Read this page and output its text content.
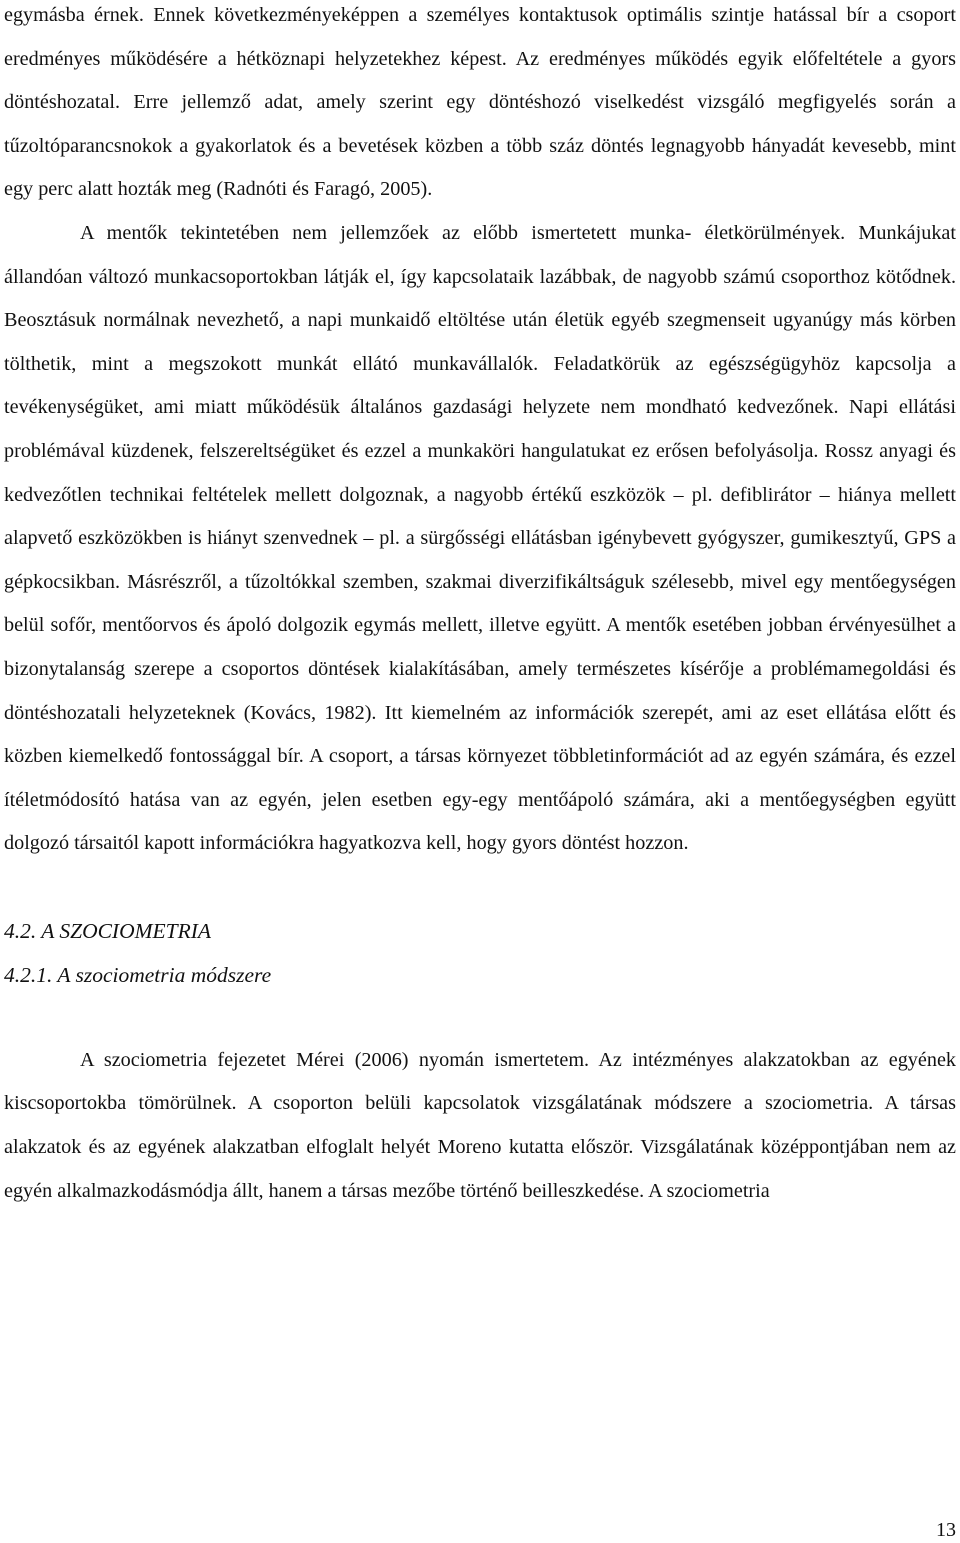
egymásba érnek. Ennek következményeképpen a személyes kontaktusok optimális szintje hatással bír a csoport eredményes működésére a hétköznapi helyzetekhez képest. Az eredményes működés egyik előfeltétele a gyors döntéshozatal. Erre jellemző adat, amely szerint egy döntéshozó viselkedést vizsgáló megfigyelés során a tűzoltóparancsnokok a gyakorlatok és a bevetések közben a több száz döntés legnagyobb hányadát kevesebb, mint egy perc alatt hozták meg (Radnóti és Faragó, 2005).

A mentők tekintetében nem jellemzőek az előbb ismertetett munka- életkörülmények. Munkájukat állandóan változó munkacsoportokban látják el, így kapcsolataik lazábbak, de nagyobb számú csoporthoz kötődnek. Beosztásuk normálnak nevezhető, a napi munkaidő eltöltése után életük egyéb szegmenseit ugyanúgy más körben tölthetik, mint a megszokott munkát ellátó munkavállalók. Feladatkörük az egészségügyhöz kapcsolja a tevékenységüket, ami miatt működésük általános gazdasági helyzete nem mondható kedvezőnek. Napi ellátási problémával küzdenek, felszereltségüket és ezzel a munkaköri hangulatukat ez erősen befolyásolja. Rossz anyagi és kedvezőtlen technikai feltételek mellett dolgoznak, a nagyobb értékű eszközök – pl. defiblirátor – hiánya mellett alapvető eszközökben is hiányt szenvednek – pl. a sürgősségi ellátásban igénybevett gyógyszer, gumikesztyű, GPS a gépkocsikban. Másrészről, a tűzoltókkal szemben, szakmai diverzifikáltságuk szélesebb, mivel egy mentőegységen belül sofőr, mentőorvos és ápoló dolgozik egymás mellett, illetve együtt. A mentők esetében jobban érvényesülhet a bizonytalanság szerepe a csoportos döntések kialakításában, amely természetes kísérője a problémamegoldási és döntéshozatali helyzeteknek (Kovács, 1982). Itt kiemelném az információk szerepét, ami az eset ellátása előtt és közben kiemelkedő fontossággal bír. A csoport, a társas környezet többletinformációt ad az egyén számára, és ezzel ítéletmódosító hatása van az egyén, jelen esetben egy-egy mentőápoló számára, aki a mentőegységben együtt dolgozó társaitól kapott információkra hagyatkozva kell, hogy gyors döntést hozzon.

4.2. A SZOCIOMETRIA

4.2.1. A szociometria módszere

A szociometria fejezetet Mérei (2006) nyomán ismertetem. Az intézményes alakzatokban az egyének kiscsoportokba tömörülnek. A csoporton belüli kapcsolatok vizsgálatának módszere a szociometria. A társas alakzatok és az egyének alakzatban elfoglalt helyét Moreno kutatta először. Vizsgálatának középpontjában nem az egyén alkalmazkodásmódja állt, hanem a társas mezőbe történő beilleszkedése. A szociometria

13
